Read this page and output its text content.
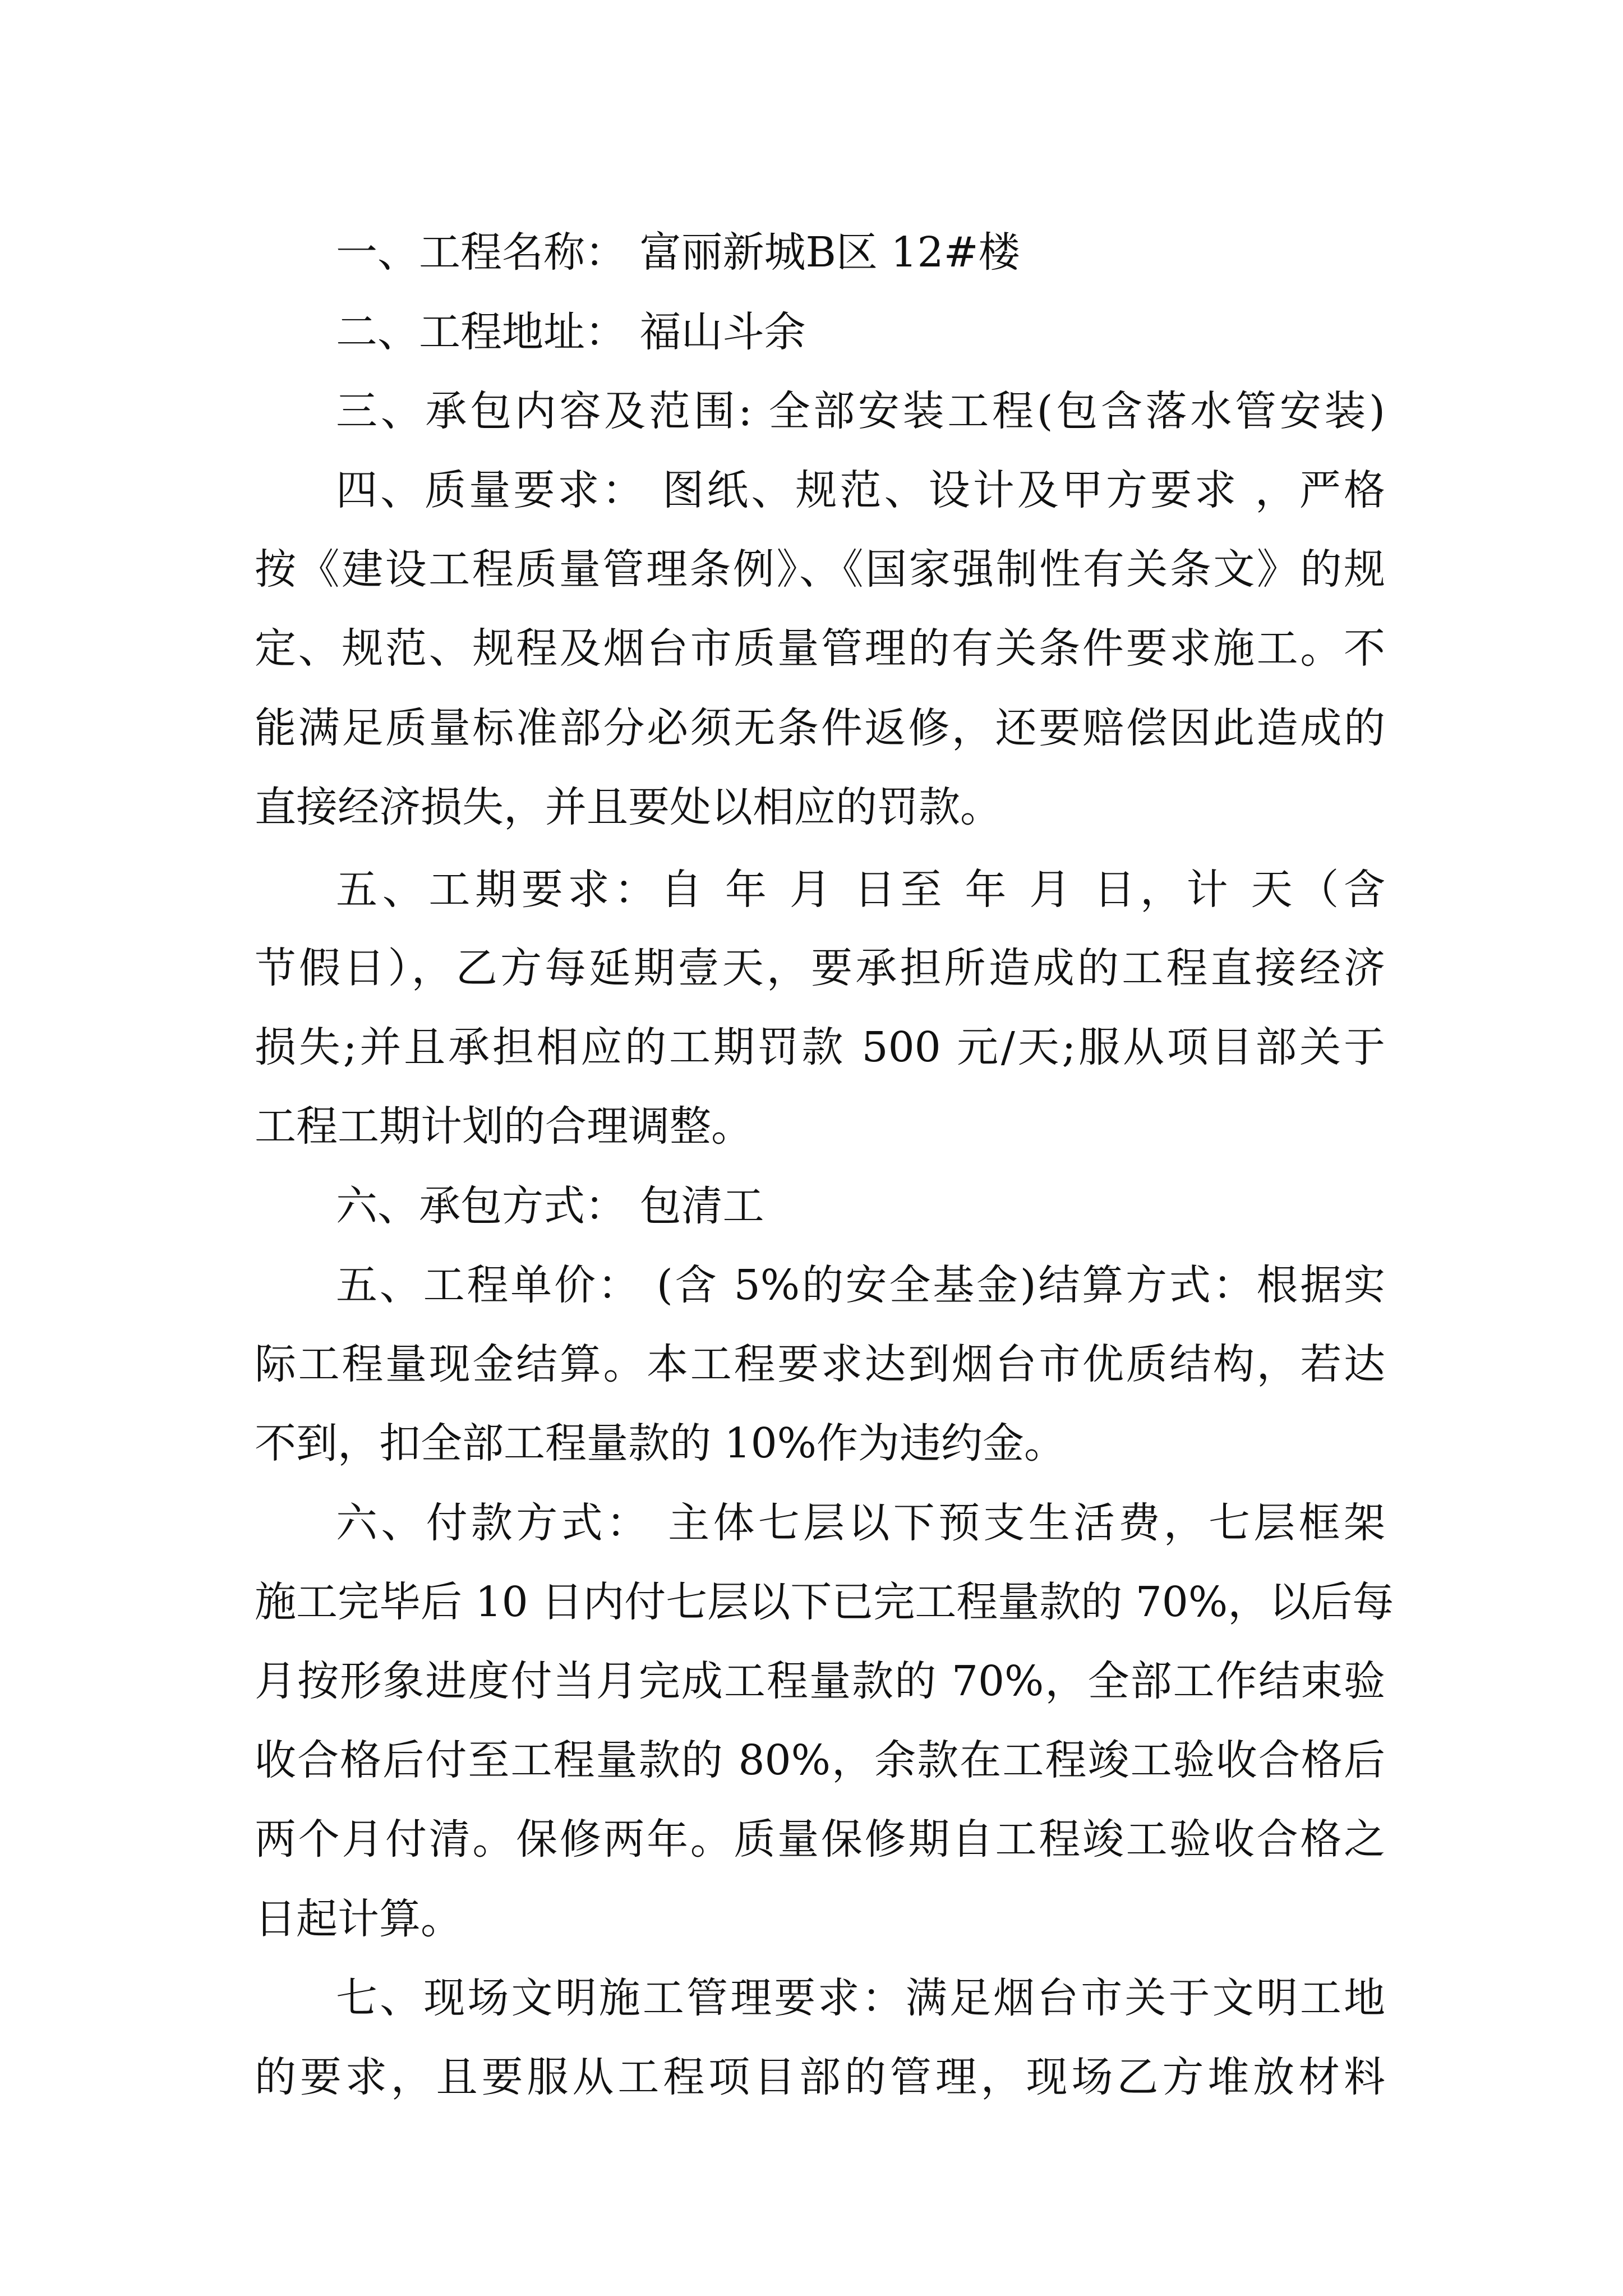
一、工程名称： 富丽新城B区 12#楼
二、工程地址： 福山斗余
三、承包内容及范围: 全部安装工程(包含落水管安装)
四、质量要求： 图纸、规范、设计及甲方要求 ，严格
按《建设工程质量管理条例》、《国家强制性有关条文》的规
定、规范、规程及烟台市质量管理的有关条件要求施工。不
能满足质量标准部分必须无条件返修，还要赔偿因此造成的
直接经济损失，并且要处以相应的罚款。
五、工期要求：自 年 月 日至 年 月 日，计 天（含
节假日），乙方每延期壹天，要承担所造成的工程直接经济
损失;并且承担相应的工期罚款 500 元/天;服从项目部关于
工程工期计划的合理调整。
六、承包方式： 包清工
五、工程单价： (含 5%的安全基金)结算方式：根据实
际工程量现金结算。本工程要求达到烟台市优质结构，若达
不到，扣全部工程量款的 10%作为违约金。
六、付款方式： 主体七层以下预支生活费，七层框架
施工完毕后 10 日内付七层以下已完工程量款的 70%，以后每
月按形象进度付当月完成工程量款的 70%，全部工作结束验
收合格后付至工程量款的 80%，余款在工程竣工验收合格后
两个月付清。保修两年。质量保修期自工程竣工验收合格之
日起计算。
七、现场文明施工管理要求：满足烟台市关于文明工地
的要求，且要服从工程项目部的管理，现场乙方堆放材料
